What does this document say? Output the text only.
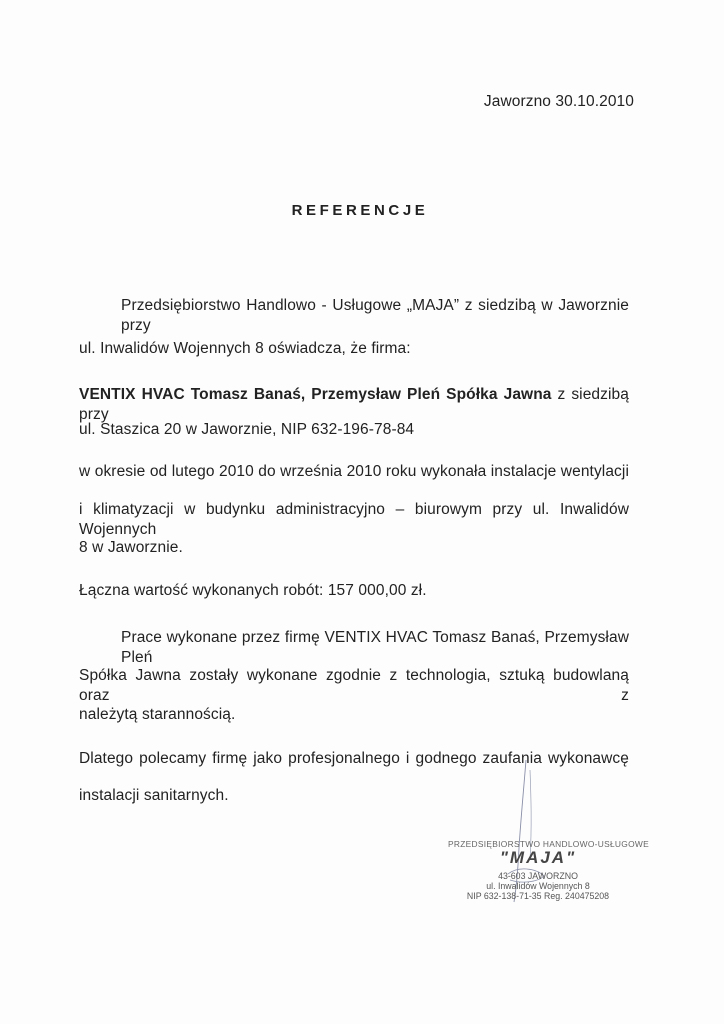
Jaworzno 30.10.2010
REFERENCJE
Przedsiębiorstwo Handlowo - Usługowe „MAJA” z siedzibą w Jaworznie przy
ul. Inwalidów Wojennych 8 oświadcza, że firma:
VENTIX HVAC Tomasz Banaś, Przemysław Pleń Spółka Jawna z siedzibą przy
ul. Staszica 20 w Jaworznie, NIP 632-196-78-84
w okresie od lutego 2010 do września 2010 roku wykonała instalacje wentylacji
i klimatyzacji w budynku administracyjno – biurowym przy ul. Inwalidów Wojennych
8 w Jaworznie.
Łączna wartość wykonanych robót: 157 000,00 zł.
Prace wykonane przez firmę VENTIX HVAC Tomasz Banaś, Przemysław Pleń
Spółka Jawna zostały wykonane zgodnie z technologia, sztuką budowlaną oraz z
należytą starannością.
Dlatego polecamy firmę jako profesjonalnego i godnego zaufania wykonawcę
instalacji sanitarnych.
PRZEDSIĘBIORSTWO HANDLOWO-USŁUGOWE
"MAJA"
43-603 JAWORZNO
ul. Inwalidów Wojennych 8
NIP 632-138-71-35 Reg. 240475208
